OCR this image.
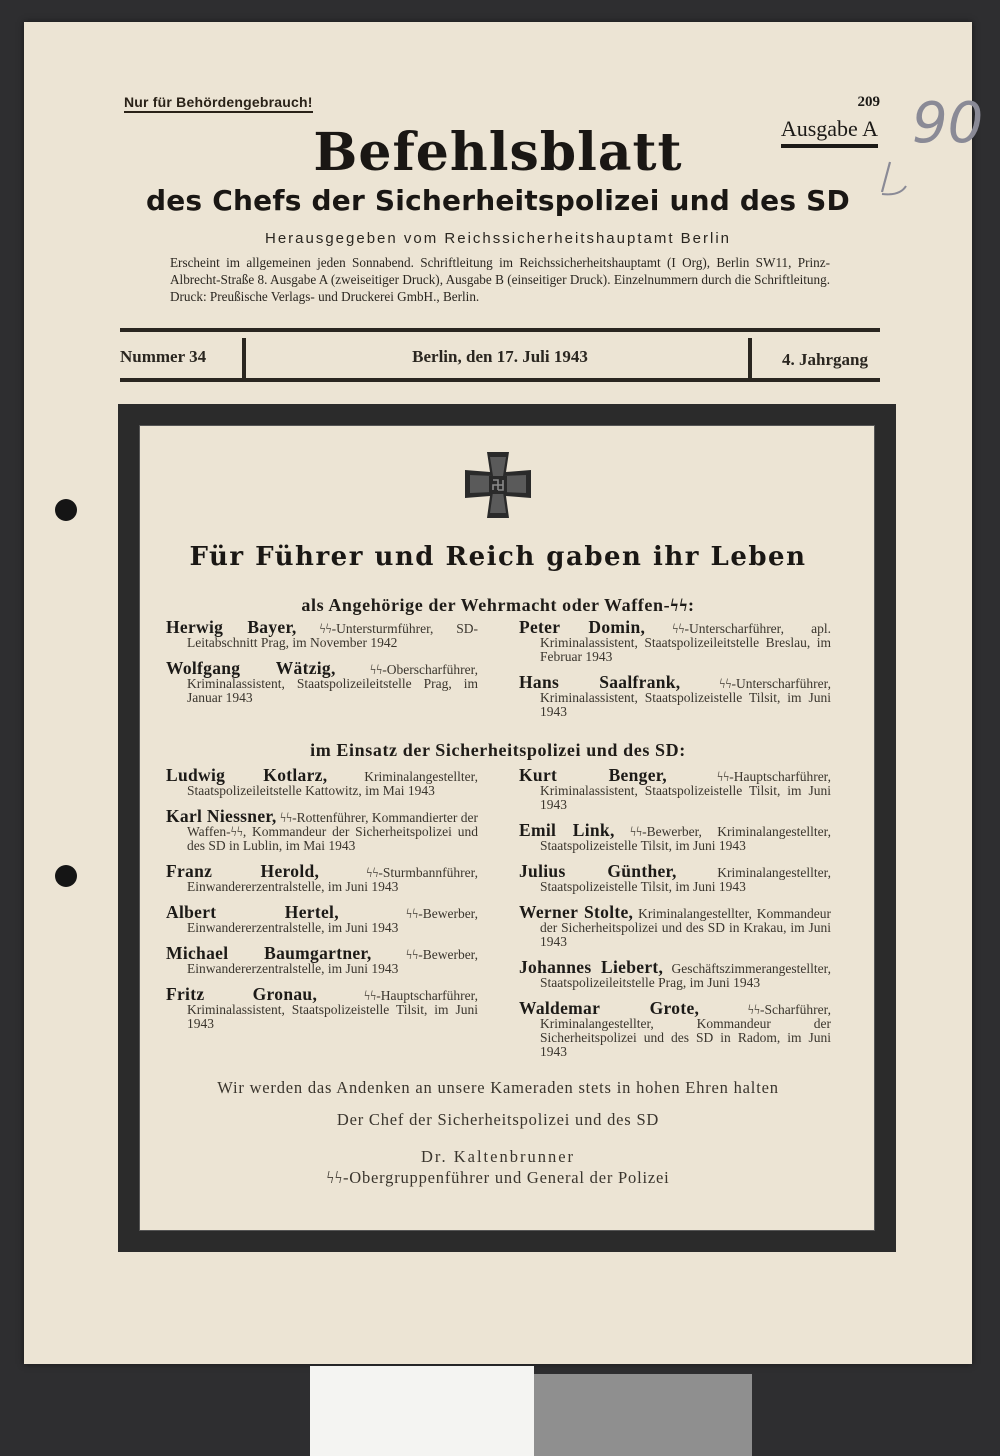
Nur für Behördengebrauch!	209
Ausgabe A 90
Befehlsblatt
des Chefs der Sicherheitspolizei und des SD
Herausgegeben vom Reichssicherheitshauptamt Berlin
Erscheint im allgemeinen jeden Sonnabend. Schriftleitung im Reichssicherheitshauptamt (I Org), Berlin SW11, Prinz-Albrecht-Straße 8. Ausgabe A (zweiseitiger Druck), Ausgabe B (einseitiger Druck). Einzelnummern durch die Schriftleitung. Druck: Preußische Verlags- und Druckerei GmbH., Berlin.
Nummer 34	Berlin, den 17. Juli 1943	4. Jahrgang
Für Führer und Reich gaben ihr Leben
als Angehörige der Wehrmacht oder Waffen-ϟϟ:
Herwig Bayer, ϟϟ-Untersturmführer, SD-Leitabschnitt Prag, im November 1942
Wolfgang Wätzig,	ϟϟ-Oberscharführer, Kriminalassistent, Staatspolizeileitstelle Prag, im Januar 1943
Peter Domin, ϟϟ-Unterscharführer, apl. Kriminalassistent, Staatspolizeileitstelle Breslau, im Februar 1943
Hans Saalfrank,	ϟϟ-Unterscharführer, Kriminalassistent, Staatspolizeistelle Tilsit, im Juni 1943
im Einsatz der Sicherheitspolizei und des SD:
Ludwig Kotlarz,	Kriminalangestellter, Staatspolizeileitstelle Kattowitz, im Mai 1943
Karl Niessner, ϟϟ-Rottenführer, Kommandierter der Waffen-ϟϟ, Kommandeur der Sicherheitspolizei und des SD in Lublin, im Mai 1943
Franz Herold,	ϟϟ-Sturmbannführer, Einwandererzentralstelle, im Juni 1943
Albert Hertel,	ϟϟ-Bewerber, Einwandererzentralstelle, im Juni 1943
Michael Baumgartner,	ϟϟ-Bewerber, Einwandererzentralstelle, im Juni 1943
Fritz Gronau,	ϟϟ-Hauptscharführer, Kriminalassistent, Staatspolizeistelle Tilsit, im Juni 1943
Kurt Benger,	ϟϟ-Hauptscharführer, Kriminalassistent, Staatspolizeistelle Tilsit, im Juni 1943
Emil Link, ϟϟ-Bewerber, Kriminalangestellter, Staatspolizeistelle Tilsit, im Juni 1943
Julius Günther,	Kriminalangestellter, Staatspolizeistelle Tilsit, im Juni 1943
Werner Stolte, Kriminalangestellter, Kommandeur der Sicherheitspolizei und des SD in Krakau, im Juni 1943
Johannes Liebert, Geschäftszimmerangestellter, Staatspolizeileitstelle Prag, im Juni 1943
Waldemar Grote,	ϟϟ-Scharführer, Kriminalangestellter, Kommandeur der Sicherheitspolizei und des SD in Radom, im Juni 1943
Wir werden das Andenken an unsere Kameraden stets in hohen Ehren halten
Der Chef der Sicherheitspolizei und des SD
Dr. Kaltenbrunner
ϟϟ-Obergruppenführer und General der Polizei
